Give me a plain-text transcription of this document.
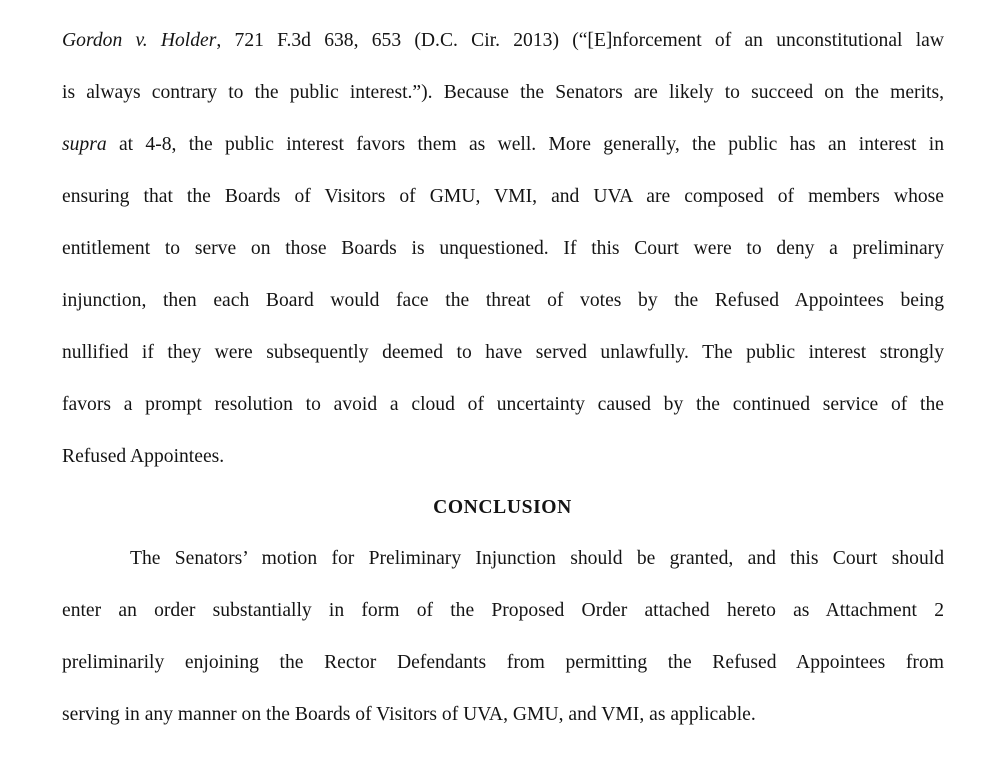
Gordon v. Holder, 721 F.3d 638, 653 (D.C. Cir. 2013) (“[E]nforcement of an unconstitutional law
is always contrary to the public interest.”). Because the Senators are likely to succeed on the merits,
supra at 4-8, the public interest favors them as well. More generally, the public has an interest in
ensuring that the Boards of Visitors of GMU, VMI, and UVA are composed of members whose
entitlement to serve on those Boards is unquestioned. If this Court were to deny a preliminary
injunction, then each Board would face the threat of votes by the Refused Appointees being
nullified if they were subsequently deemed to have served unlawfully. The public interest strongly
favors a prompt resolution to avoid a cloud of uncertainty caused by the continued service of the
Refused Appointees.
CONCLUSION
The Senators’ motion for Preliminary Injunction should be granted, and this Court should
enter an order substantially in form of the Proposed Order attached hereto as Attachment 2
preliminarily enjoining the Rector Defendants from permitting the Refused Appointees from
serving in any manner on the Boards of Visitors of UVA, GMU, and VMI, as applicable.
